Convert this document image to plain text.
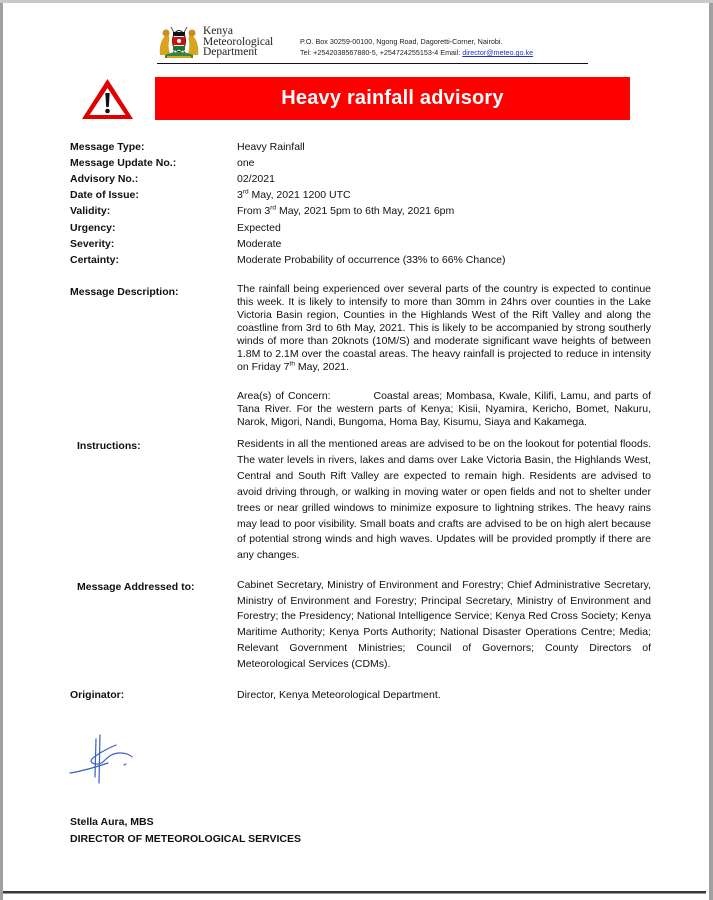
Kenya
Meteorological
Department
P.O. Box 30259-00100, Ngong Road, Dagoretti-Corner, Nairobi.
Tel: +2542038567880-5, +254724255153-4 Email: director@meteo.go.ke
Heavy rainfall advisory
Message Type:	Heavy Rainfall
Message Update No.:	one
Advisory No.:	02/2021
Date of Issue:	3rd May, 2021 1200 UTC
Validity:	From 3rd May, 2021 5pm to 6th May, 2021 6pm
Urgency:	Expected
Severity:	Moderate
Certainty:	Moderate Probability of occurrence (33% to 66% Chance)
Message Description:	The rainfall being experienced over several parts of the country is expected to continue this week. It is likely to intensify to more than 30mm in 24hrs over counties in the Lake Victoria Basin region, Counties in the Highlands West of the Rift Valley and along the coastline from 3rd to 6th May, 2021. This is likely to be accompanied by strong southerly winds of more than 20knots (10M/S) and moderate significant wave heights of between 1.8M to 2.1M over the coastal areas. The heavy rainfall is projected to reduce in intensity on Friday 7th May, 2021.
Area(s) of Concern:	Coastal areas; Mombasa, Kwale, Kilifi, Lamu, and parts of Tana River. For the western parts of Kenya; Kisii, Nyamira, Kericho, Bomet, Nakuru, Narok, Migori, Nandi, Bungoma, Homa Bay, Kisumu, Siaya and Kakamega.
Instructions:	Residents in all the mentioned areas are advised to be on the lookout for potential floods. The water levels in rivers, lakes and dams over Lake Victoria Basin, the Highlands West, Central and South Rift Valley are expected to remain high. Residents are advised to avoid driving through, or walking in moving water or open fields and not to shelter under trees or near grilled windows to minimize exposure to lightning strikes. The heavy rains may lead to poor visibility. Small boats and crafts are advised to be on high alert because of potential strong winds and high waves. Updates will be provided promptly if there are any changes.
Message Addressed to:	Cabinet Secretary, Ministry of Environment and Forestry; Chief Administrative Secretary, Ministry of Environment and Forestry; Principal Secretary, Ministry of Environment and Forestry; the Presidency; National Intelligence Service; Kenya Red Cross Society; Kenya Maritime Authority; Kenya Ports Authority; National Disaster Operations Centre; Media; Relevant Government Ministries; Council of Governors; County Directors of Meteorological Services (CDMs).
Originator:	Director, Kenya Meteorological Department.
Stella Aura, MBS
DIRECTOR OF METEOROLOGICAL SERVICES
